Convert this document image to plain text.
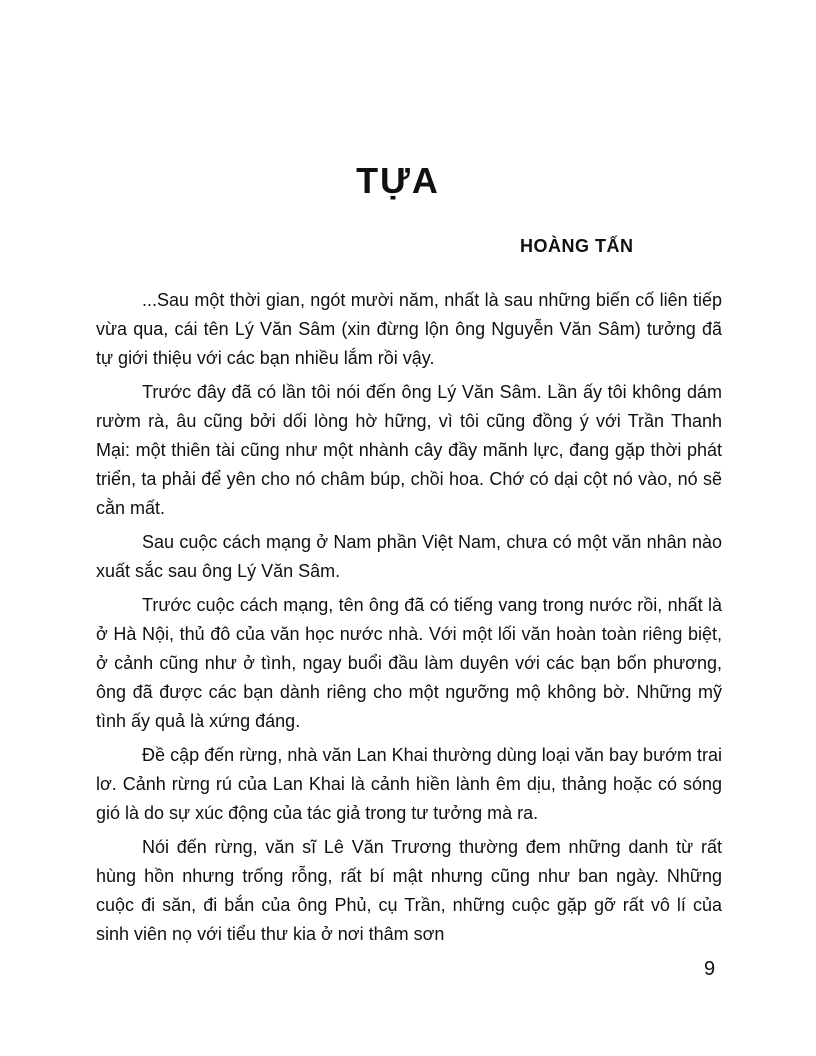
TỰA
HOÀNG TẤN

...Sau một thời gian, ngót mười năm, nhất là sau những biến cố liên tiếp vừa qua, cái tên Lý Văn Sâm (xin đừng lộn ông Nguyễn Văn Sâm) tưởng đã tự giới thiệu với các bạn nhiều lắm rồi vậy.

Trước đây đã có lần tôi nói đến ông Lý Văn Sâm. Lần ấy tôi không dám rườm rà, âu cũng bởi dối lòng hờ hững, vì tôi cũng đồng ý với Trần Thanh Mại: một thiên tài cũng như một nhành cây đầy mãnh lực, đang gặp thời phát triển, ta phải để yên cho nó châm búp, chồi hoa. Chớ có dại cột nó vào, nó sẽ cằn mất.

Sau cuộc cách mạng ở Nam phần Việt Nam, chưa có một văn nhân nào xuất sắc sau ông Lý Văn Sâm.

Trước cuộc cách mạng, tên ông đã có tiếng vang trong nước rồi, nhất là ở Hà Nội, thủ đô của văn học nước nhà. Với một lối văn hoàn toàn riêng biệt, ở cảnh cũng như ở tình, ngay buổi đầu làm duyên với các bạn bốn phương, ông đã được các bạn dành riêng cho một ngưỡng mộ không bờ. Những mỹ tình ấy quả là xứng đáng.

Đề cập đến rừng, nhà văn Lan Khai thường dùng loại văn bay bướm trai lơ. Cảnh rừng rú của Lan Khai là cảnh hiền lành êm dịu, thảng hoặc có sóng gió là do sự xúc động của tác giả trong tư tưởng mà ra.

Nói đến rừng, văn sĩ Lê Văn Trương thường đem những danh từ rất hùng hồn nhưng trống rỗng, rất bí mật nhưng cũng như ban ngày. Những cuộc đi săn, đi bắn của ông Phủ, cụ Trần, những cuộc gặp gỡ rất vô lí của sinh viên nọ với tiểu thư kia ở nơi thâm sơn

9
